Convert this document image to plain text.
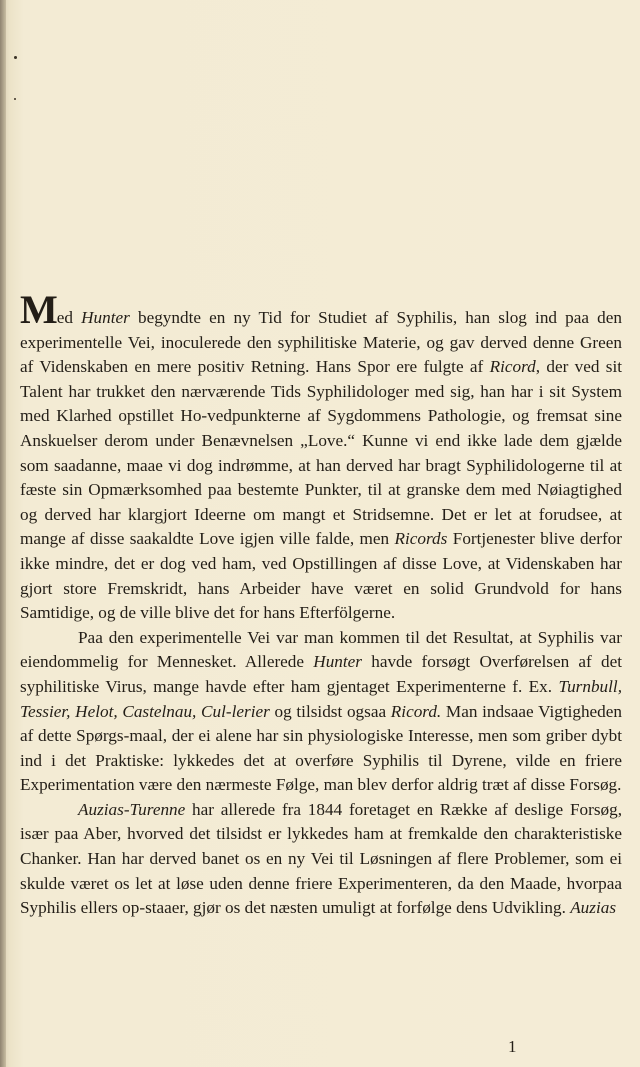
Med Hunter begyndte en ny Tid for Studiet af Syphilis, han slog ind paa den experimentelle Vei, inoculerede den syphilitiske Materie, og gav derved denne Green af Videnskaben en mere positiv Retning. Hans Spor ere fulgte af Ricord, der ved sit Talent har trukket den nærværende Tids Syphilidologer med sig, han har i sit System med Klarhed opstillet Ho-vedpunkterne af Sygdommens Pathologie, og fremsat sine Anskuelser derom under Benævnelsen „Love.“ Kunne vi end ikke lade dem gjælde som saadanne, maae vi dog indrømme, at han derved har bragt Syphilidologerne til at fæste sin Opmærksomhed paa bestemte Punkter, til at granske dem med Nøiagtighed og derved har klargjort Ideerne om mangt et Stridsemne. Det er let at forudsee, at mange af disse saakaldte Love igjen ville falde, men Ricords Fortjenester blive derfor ikke mindre, det er dog ved ham, ved Opstillingen af disse Love, at Videnskaben har gjort store Fremskridt, hans Arbeider have været en solid Grundvold for hans Samtidige, og de ville blive det for hans Efterfölgerne.

Paa den experimentelle Vei var man kommen til det Resultat, at Syphilis var eiendommelig for Mennesket. Allerede Hunter havde forsøgt Overførelsen af det syphilitiske Virus, mange havde efter ham gjentaget Experimenterne f. Ex. Turnbull, Tessier, Helot, Castelnau, Cul-lerier og tilsidst ogsaa Ricord. Man indsaae Vigtigheden af dette Spørgs-maal, der ei alene har sin physiologiske Interesse, men som griber dybt ind i det Praktiske: lykkedes det at overføre Syphilis til Dyrene, vilde en friere Experimentation være den nærmeste Følge, man blev derfor aldrig træt af disse Forsøg.

Auzias-Turenne har allerede fra 1844 foretaget en Række af deslige Forsøg, især paa Aber, hvorved det tilsidst er lykkedes ham at fremkalde den charakteristiske Chanker. Han har derved banet os en ny Vei til Løsningen af flere Problemer, som ei skulde været os let at løse uden denne friere Experimenteren, da den Maade, hvorpaa Syphilis ellers op-staaer, gjør os det næsten umuligt at forfølge dens Udvikling. Auzias

1
